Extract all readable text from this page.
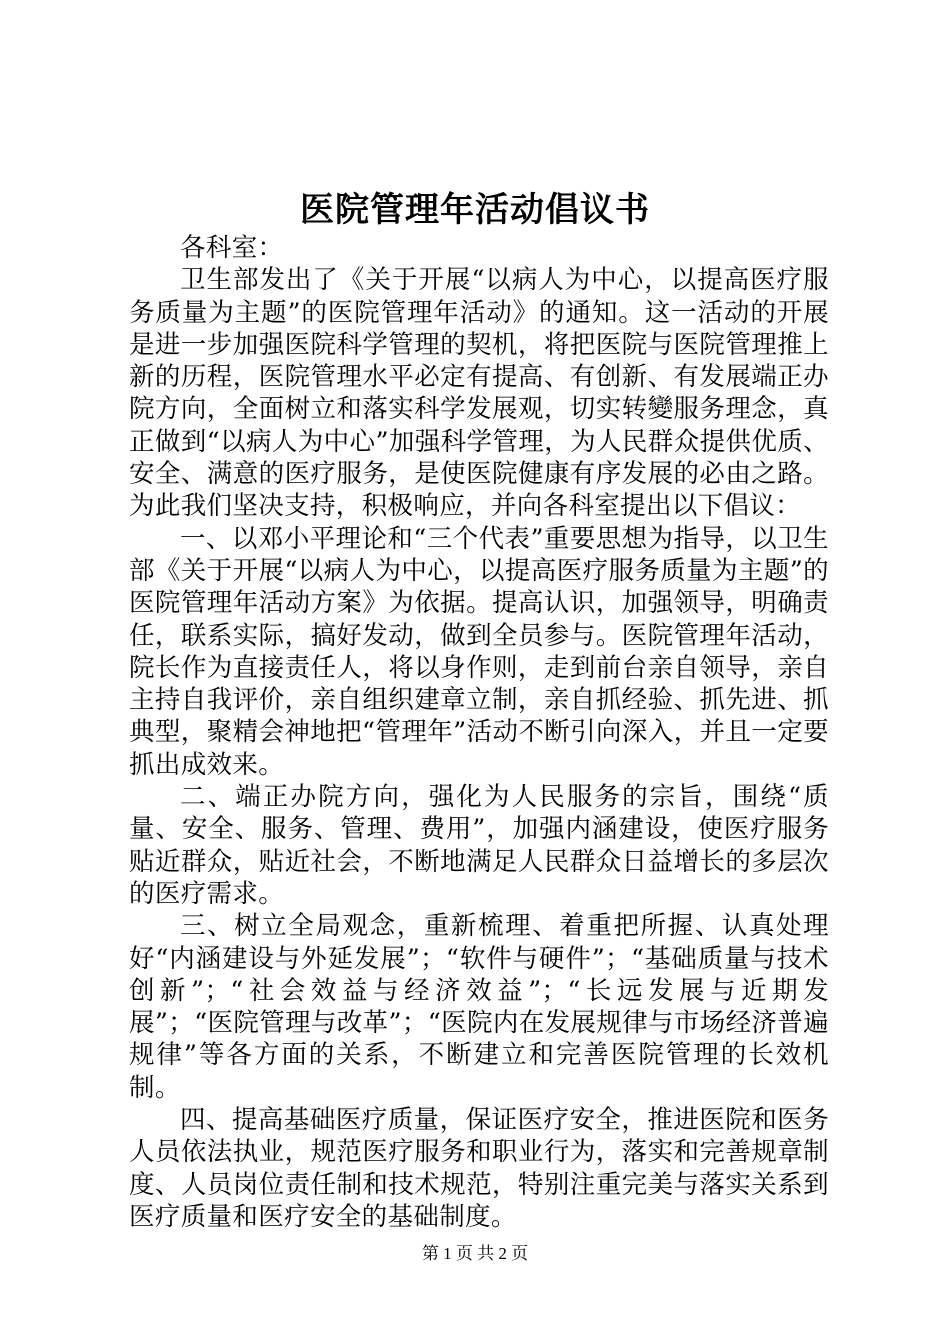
医院管理年活动倡议书

各科室：

卫生部发出了《关于开展“以病人为中心，以提高医疗服务质量为主题”的医院管理年活动》的通知。这一活动的开展是进一步加强医院科学管理的契机，将把医院与医院管理推上新的历程，医院管理水平必定有提高、有创新、有发展端正办院方向，全面树立和落实科学发展观，切实转變服务理念，真正做到“以病人为中心”加强科学管理，为人民群众提供优质、安全、满意的医疗服务，是使医院健康有序发展的必由之路。为此我们坚决支持，积极响应，并向各科室提出以下倡议：

一、以邓小平理论和“三个代表”重要思想为指导，以卫生部《关于开展“以病人为中心，以提高医疗服务质量为主题”的医院管理年活动方案》为依据。提高认识，加强领导，明确责任，联系实际，搞好发动，做到全员参与。医院管理年活动，院长作为直接责任人，将以身作则，走到前台亲自领导，亲自主持自我评价，亲自组织建章立制，亲自抓经验、抓先进、抓典型，聚精会神地把“管理年”活动不断引向深入，并且一定要抓出成效来。

二、端正办院方向，强化为人民服务的宗旨，围绕“质量、安全、服务、管理、费用”，加强内涵建设，使医疗服务贴近群众，贴近社会，不断地满足人民群众日益增长的多层次的医疗需求。

三、树立全局观念，重新梳理、着重把所握、认真处理好“内涵建设与外延发展”；“软件与硬件”；“基础质量与技术创新”；“社会效益与经济效益”；“长远发展与近期发展”；“医院管理与改革”；“医院内在发展规律与市场经济普遍规律”等各方面的关系，不断建立和完善医院管理的长效机制。

四、提高基础医疗质量，保证医疗安全，推进医院和医务人员依法执业，规范医疗服务和职业行为，落实和完善规章制度、人员岗位责任制和技术规范，特别注重完美与落实关系到医疗质量和医疗安全的基础制度。

第 1 页 共 2 页
